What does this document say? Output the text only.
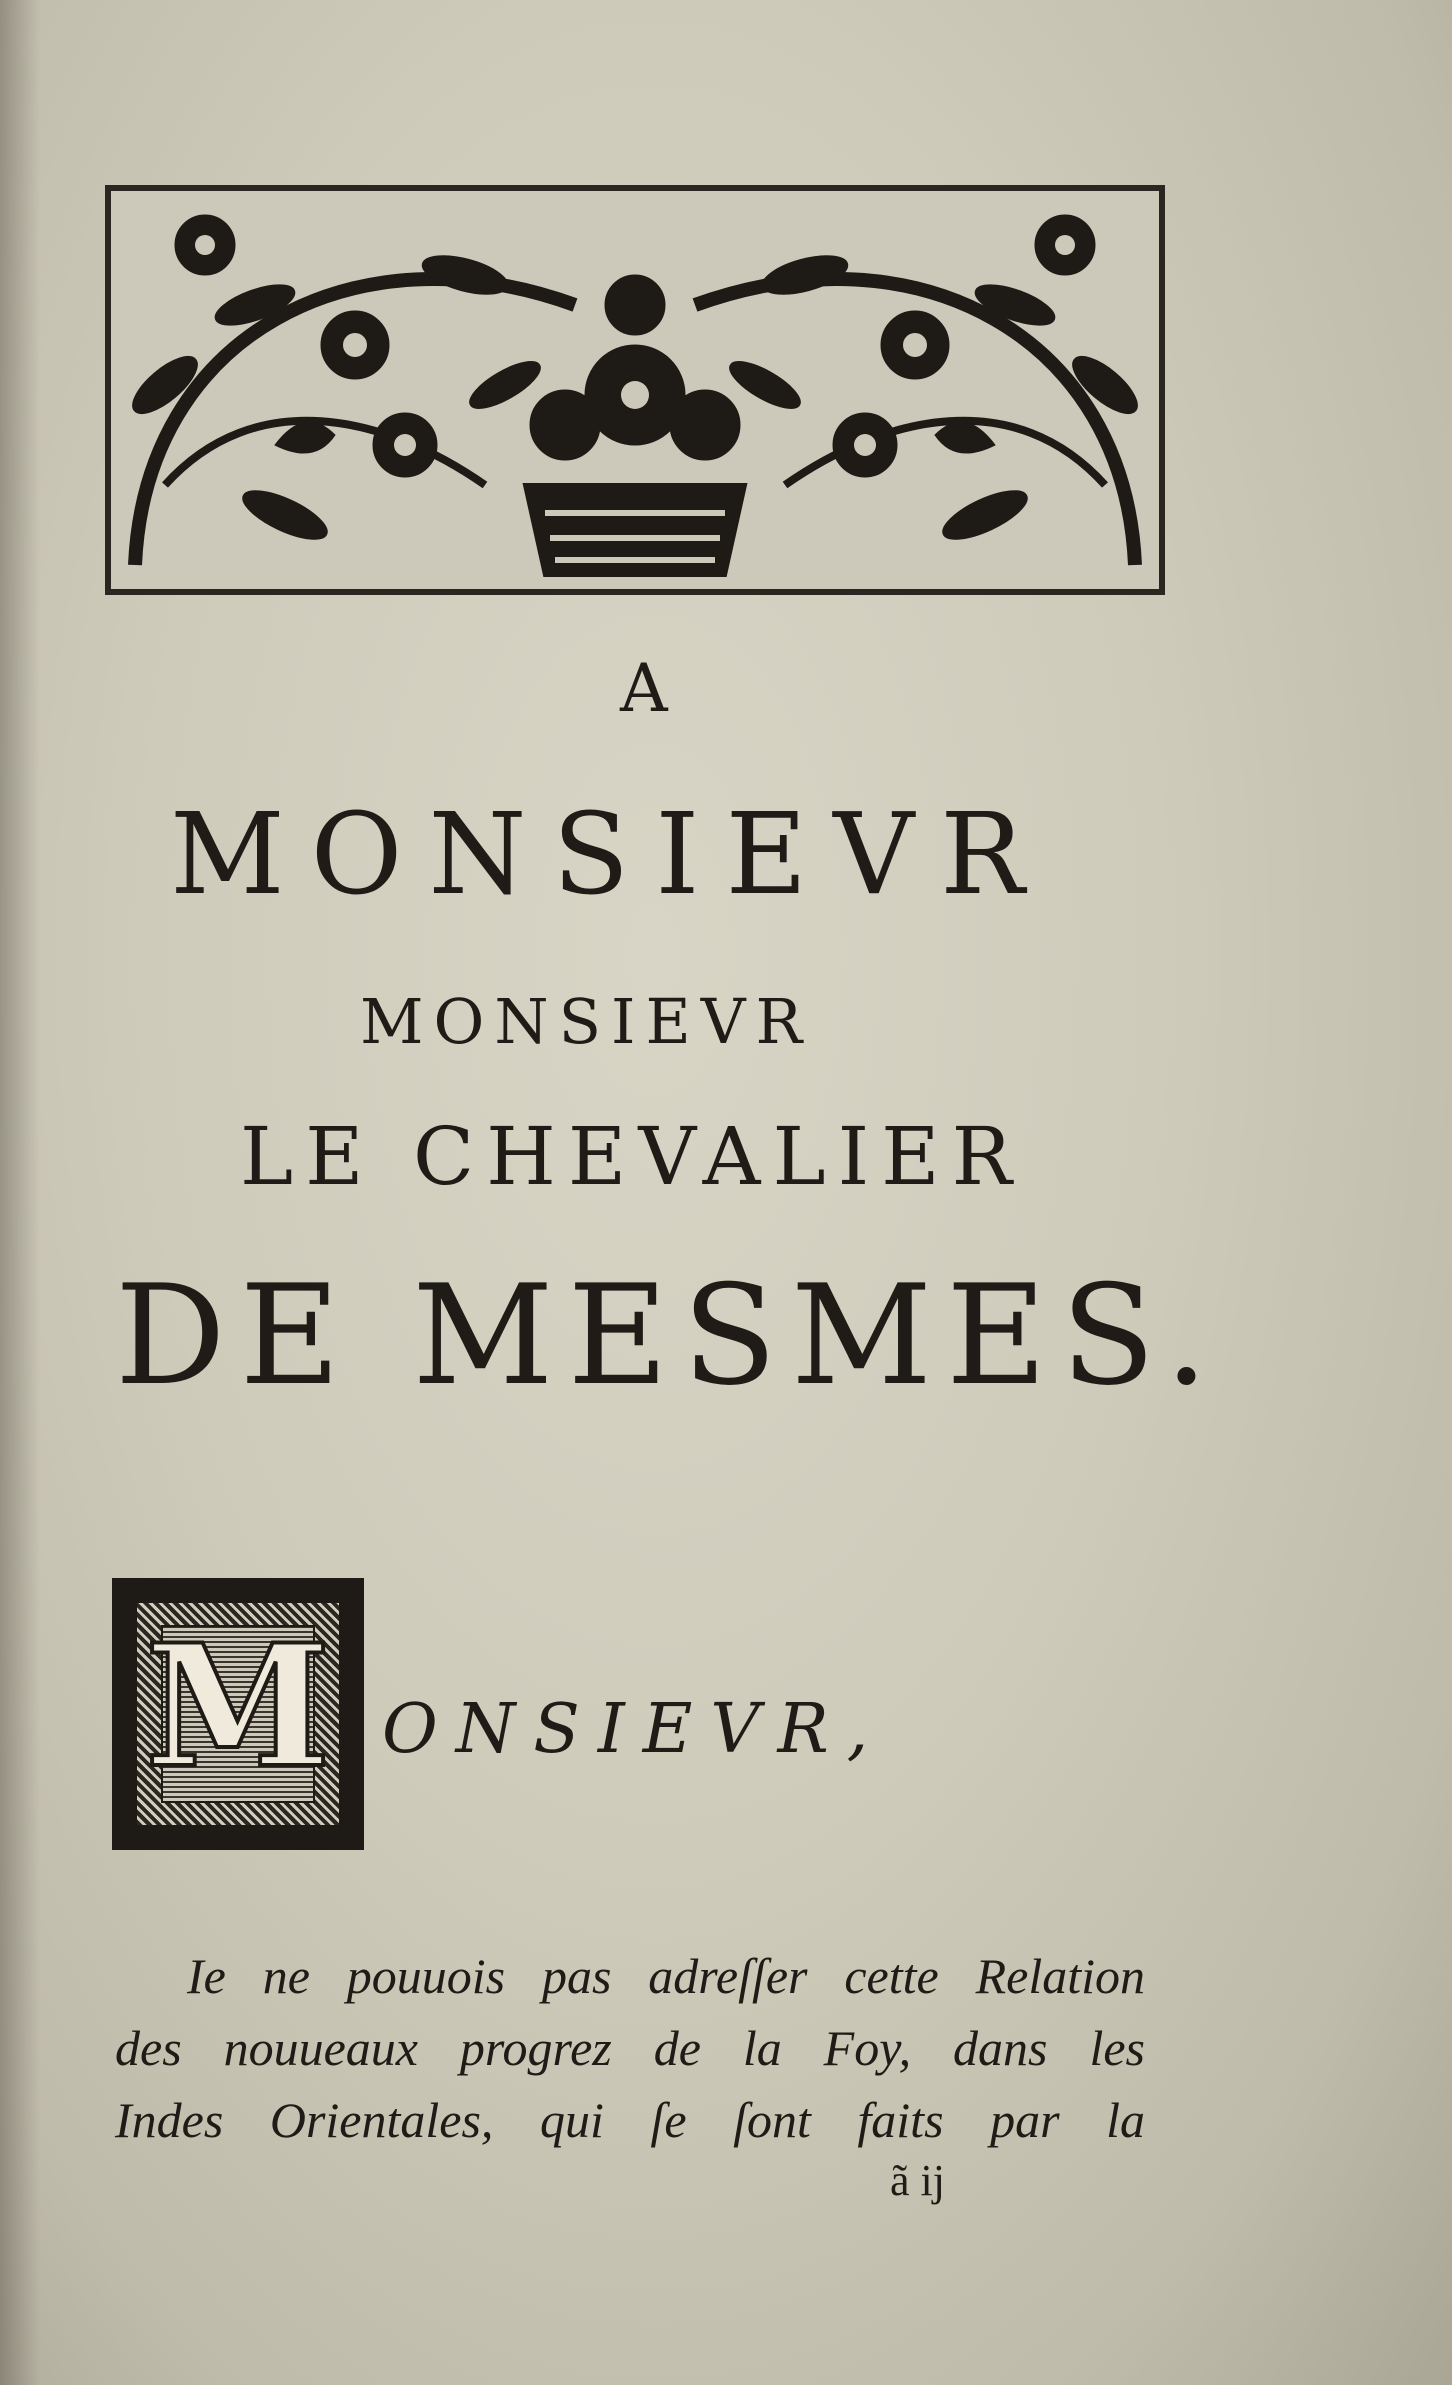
A

MONSIEVR

MONSIEVR

LE CHEVALIER

DE MESMES.

M ONSIEVR,

Ie ne pouuois pas adreſſer cette Relation
des nouueaux progrez de la Foy, dans les
Indes Orientales, qui ſe ſont faits par la

ã ij
